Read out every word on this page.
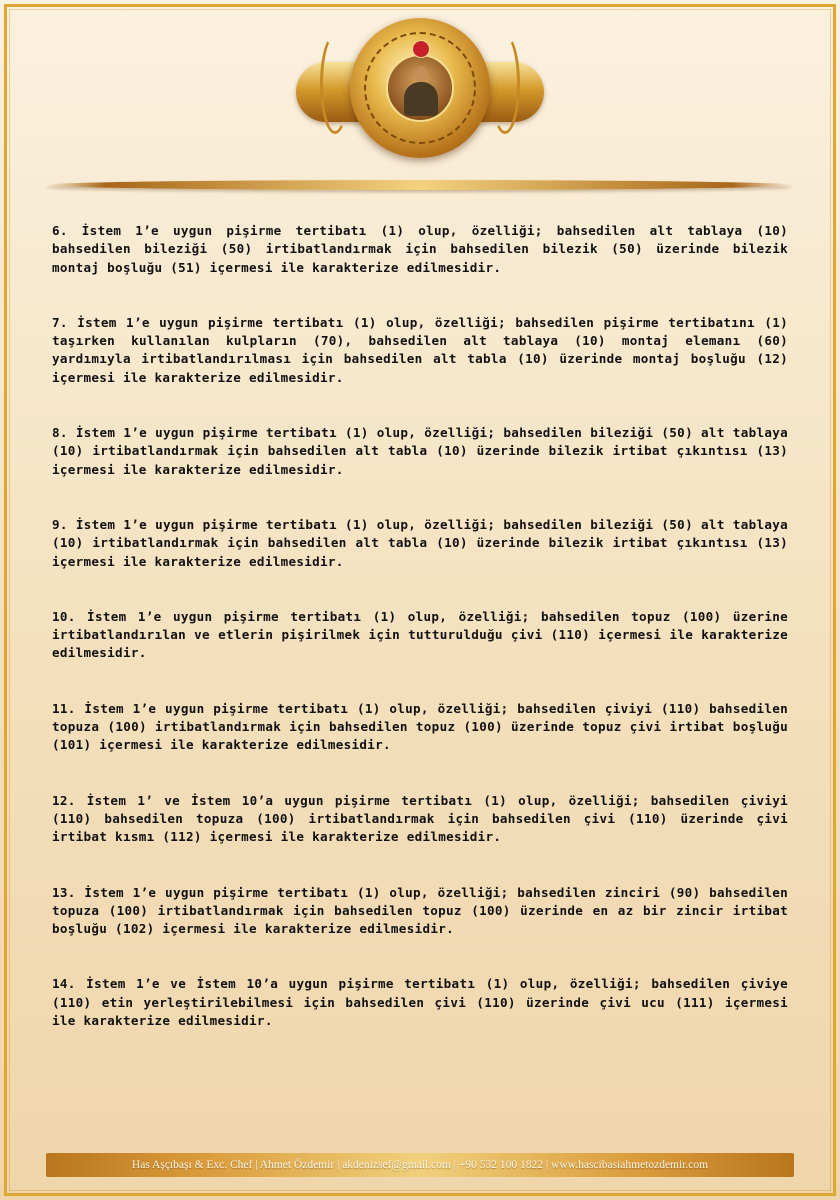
6. İstem 1’e uygun pişirme tertibatı (1) olup, özelliği; bahsedilen alt tablaya (10) bahsedilen bileziği (50) irtibatlandırmak için bahsedilen bilezik (50) üzerinde bilezik montaj boşluğu (51) içermesi ile karakterize edilmesidir.

7. İstem 1’e uygun pişirme tertibatı (1) olup, özelliği; bahsedilen pişirme tertibatını (1) taşırken kullanılan kulpların (70), bahsedilen alt tablaya (10) montaj elemanı (60) yardımıyla irtibatlandırılması için bahsedilen alt tabla (10) üzerinde montaj boşluğu (12) içermesi ile karakterize edilmesidir.

8. İstem 1’e uygun pişirme tertibatı (1) olup, özelliği; bahsedilen bileziği (50) alt tablaya (10) irtibatlandırmak için bahsedilen alt tabla (10) üzerinde bilezik irtibat çıkıntısı (13) içermesi ile karakterize edilmesidir.

9. İstem 1’e uygun pişirme tertibatı (1) olup, özelliği; bahsedilen bileziği (50) alt tablaya (10) irtibatlandırmak için bahsedilen alt tabla (10) üzerinde bilezik irtibat çıkıntısı (13) içermesi ile karakterize edilmesidir.

10. İstem 1’e uygun pişirme tertibatı (1) olup, özelliği; bahsedilen topuz (100) üzerine irtibatlandırılan ve etlerin pişirilmek için tutturulduğu çivi (110) içermesi ile karakterize edilmesidir.

11. İstem 1’e uygun pişirme tertibatı (1) olup, özelliği; bahsedilen çiviyi (110) bahsedilen topuza (100) irtibatlandırmak için bahsedilen topuz (100) üzerinde topuz çivi irtibat boşluğu (101) içermesi ile karakterize edilmesidir.

12. İstem 1’ ve İstem 10’a uygun pişirme tertibatı (1) olup, özelliği; bahsedilen çiviyi (110) bahsedilen topuza (100) irtibatlandırmak için bahsedilen çivi (110) üzerinde çivi irtibat kısmı (112) içermesi ile karakterize edilmesidir.

13. İstem 1’e uygun pişirme tertibatı (1) olup, özelliği; bahsedilen zinciri (90) bahsedilen topuza (100) irtibatlandırmak için bahsedilen topuz (100) üzerinde en az bir zincir irtibat boşluğu (102) içermesi ile karakterize edilmesidir.

14. İstem 1’e ve İstem 10’a uygun pişirme tertibatı (1) olup, özelliği; bahsedilen çiviye (110) etin yerleştirilebilmesi için bahsedilen çivi (110) üzerinde çivi ucu (111) içermesi ile karakterize edilmesidir.

Has Aşçıbaşı & Exc. Chef | Ahmet Özdemir | akdenizsef@gmail.com | +90 532 100 1822 | www.hascibasiahmetozdemir.com
